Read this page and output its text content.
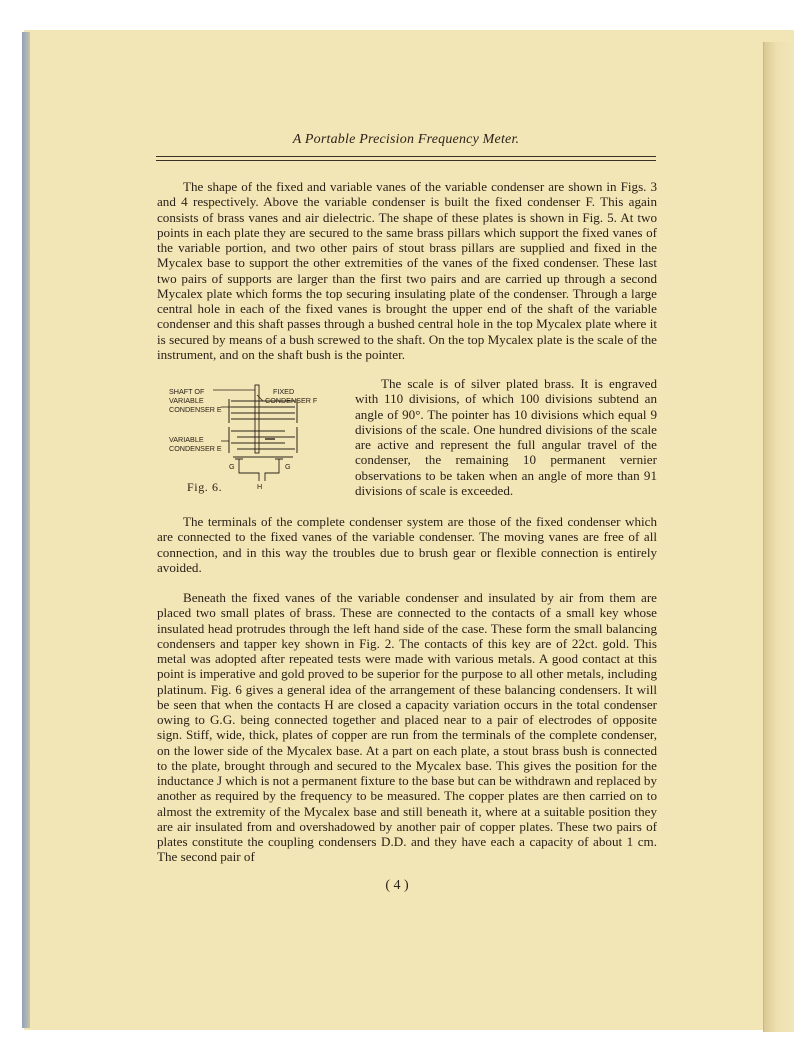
A Portable Precision Frequency Meter.

The shape of the fixed and variable vanes of the variable condenser are shown in Figs. 3 and 4 respectively. Above the variable condenser is built the fixed condenser F. This again consists of brass vanes and air dielectric. The shape of these plates is shown in Fig. 5. At two points in each plate they are secured to the same brass pillars which support the fixed vanes of the variable portion, and two other pairs of stout brass pillars are supplied and fixed in the Mycalex base to support the other extremities of the vanes of the fixed condenser. These last two pairs of supports are larger than the first two pairs and are carried up through a second Mycalex plate which forms the top securing insulating plate of the condenser. Through a large central hole in each of the fixed vanes is brought the upper end of the shaft of the variable condenser and this shaft passes through a bushed central hole in the top Mycalex plate where it is secured by means of a bush screwed to the shaft. On the top Mycalex plate is the scale of the instrument, and on the shaft bush is the pointer.

SHAFT OF
VARIABLE
CONDENSER E
VARIABLE
CONDENSER E
FIXED
CONDENSER F
G	G
H
Fig. 6.

The scale is of silver plated brass. It is engraved with 110 divisions, of which 100 divisions subtend an angle of 90°. The pointer has 10 divisions which equal 9 divisions of the scale. One hundred divisions of the scale are active and represent the full angular travel of the condenser, the remaining 10 permanent vernier observations to be taken when an angle of more than 91 divisions of scale is exceeded.

The terminals of the complete condenser system are those of the fixed condenser which are connected to the fixed vanes of the variable condenser. The moving vanes are free of all connection, and in this way the troubles due to brush gear or flexible connection is entirely avoided.

Beneath the fixed vanes of the variable condenser and insulated by air from them are placed two small plates of brass. These are connected to the contacts of a small key whose insulated head protrudes through the left hand side of the case. These form the small balancing condensers and tapper key shown in Fig. 2. The contacts of this key are of 22ct. gold. This metal was adopted after repeated tests were made with various metals. A good contact at this point is imperative and gold proved to be superior for the purpose to all other metals, including platinum. Fig. 6 gives a general idea of the arrangement of these balancing condensers. It will be seen that when the contacts H are closed a capacity variation occurs in the total condenser owing to G.G. being connected together and placed near to a pair of electrodes of opposite sign. Stiff, wide, thick, plates of copper are run from the terminals of the complete condenser, on the lower side of the Mycalex base. At a part on each plate, a stout brass bush is connected to the plate, brought through and secured to the Mycalex base. This gives the position for the inductance J which is not a permanent fixture to the base but can be withdrawn and replaced by another as required by the frequency to be measured. The copper plates are then carried on to almost the extremity of the Mycalex base and still beneath it, where at a suitable position they are air insulated from and overshadowed by another pair of copper plates. These two pairs of plates constitute the coupling condensers D.D. and they have each a capacity of about 1 cm. The second pair of

( 4 )
